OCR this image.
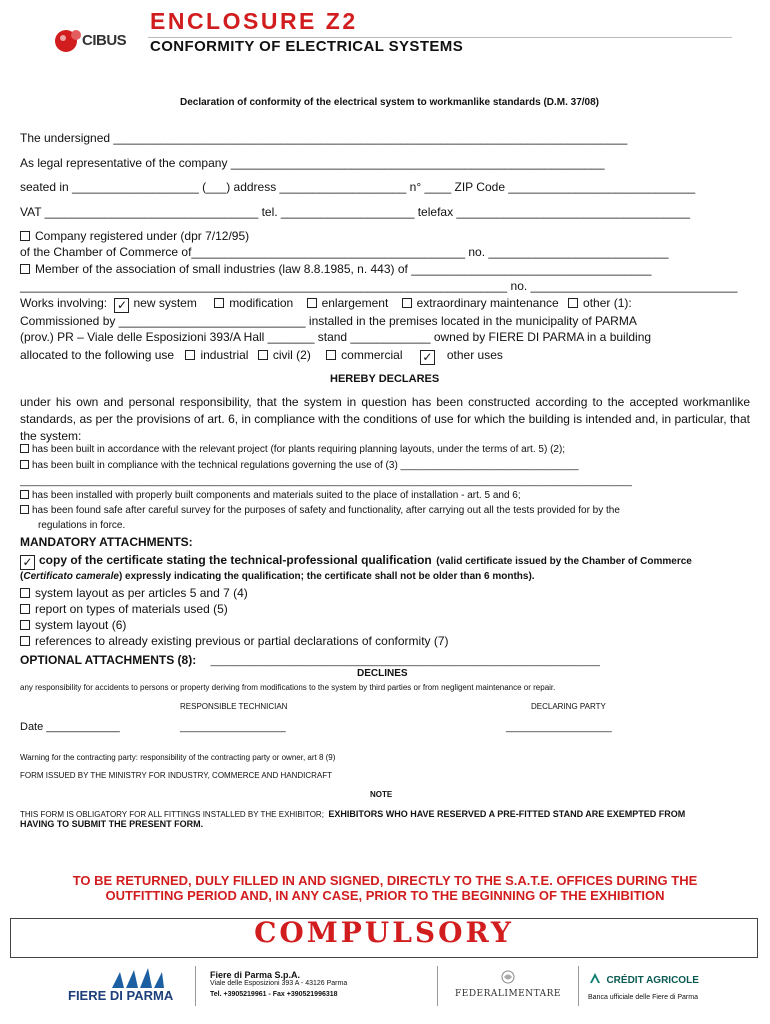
CIBUS
ENCLOSURE Z2
CONFORMITY OF ELECTRICAL SYSTEMS
Declaration of conformity of the electrical system to workmanlike standards (D.M. 37/08)
The undersigned _____________________________________________________________________________
As legal representative of the company ________________________________________________________
seated in ___________________ (___) address ___________________ n° ____ ZIP Code ____________________________
VAT ________________________________ tel. ____________________ telefax ___________________________________
Company registered under (dpr 7/12/95)
of the Chamber of Commerce of_________________________________________ no. ___________________________
Member of the association of small industries (law 8.8.1985, n. 443) of ____________________________________
_________________________________________________________________________ no. _______________________________
Works involving: ✓ new system	modification enlargement extraordinary maintenance other (1):
Commissioned by ____________________________ installed in the premises located in the municipality of PARMA
(prov.) PR – Viale delle Esposizioni 393/A Hall _______ stand ____________ owned by FIERE DI PARMA in a building
allocated to the following use industrial civil (2)	commercial ✓ other uses
HEREBY DECLARES
under his own and personal responsibility, that the system in question has been constructed according to the accepted workmanlike standards, as per the provisions of art. 6, in compliance with the conditions of use for which the building is intended and, in particular, that the system:
has been built in accordance with the relevant project (for plants requiring planning layouts, under the terms of art. 5) (2);
has been built in compliance with the technical regulations governing the use of (3) ________________________________
______________________________________________________________________________________________________________
has been installed with properly built components and materials suited to the place of installation - art. 5 and 6;
has been found safe after careful survey for the purposes of safety and functionality, after carrying out all the tests provided for by the
regulations in force.
MANDATORY ATTACHMENTS:
✓ copy of the certificate stating the technical-professional qualification (valid certificate issued by the Chamber of Commerce
(Certificato camerale) expressly indicating the qualification; the certificate shall not be older than 6 months).
system layout as per articles 5 and 7 (4)
report on types of materials used (5)
system layout (6)
references to already existing previous or partial declarations of conformity (7)
OPTIONAL ATTACHMENTS (8): ______________________________________________________________________
DECLINES
any responsibility for accidents to persons or property deriving from modifications to the system by third parties or from negligent maintenance or repair.
RESPONSIBLE TECHNICIAN	DECLARING PARTY
Date ____________	___________________	___________________
Warning for the contracting party: responsibility of the contracting party or owner, art 8 (9)
FORM ISSUED BY THE MINISTRY FOR INDUSTRY, COMMERCE AND HANDICRAFT
NOTE
THIS FORM IS OBLIGATORY FOR ALL FITTINGS INSTALLED BY THE EXHIBITOR; EXHIBITORS WHO HAVE RESERVED A PRE-FITTED STAND ARE EXEMPTED FROM
HAVING TO SUBMIT THE PRESENT FORM.
TO BE RETURNED, DULY FILLED IN AND SIGNED, DIRECTLY TO THE S.A.T.E. OFFICES DURING THE
OUTFITTING PERIOD AND, IN ANY CASE, PRIOR TO THE BEGINNING OF THE EXHIBITION
COMPULSORY
FIERE DI PARMA
Fiere di Parma S.p.A.
Viale delle Esposizioni 393 A - 43126 Parma
Tel. +3905219961 - Fax +390521996318	FEDERALIMENTARE
CRÉDIT AGRICOLE
Banca ufficiale delle Fiere di Parma
